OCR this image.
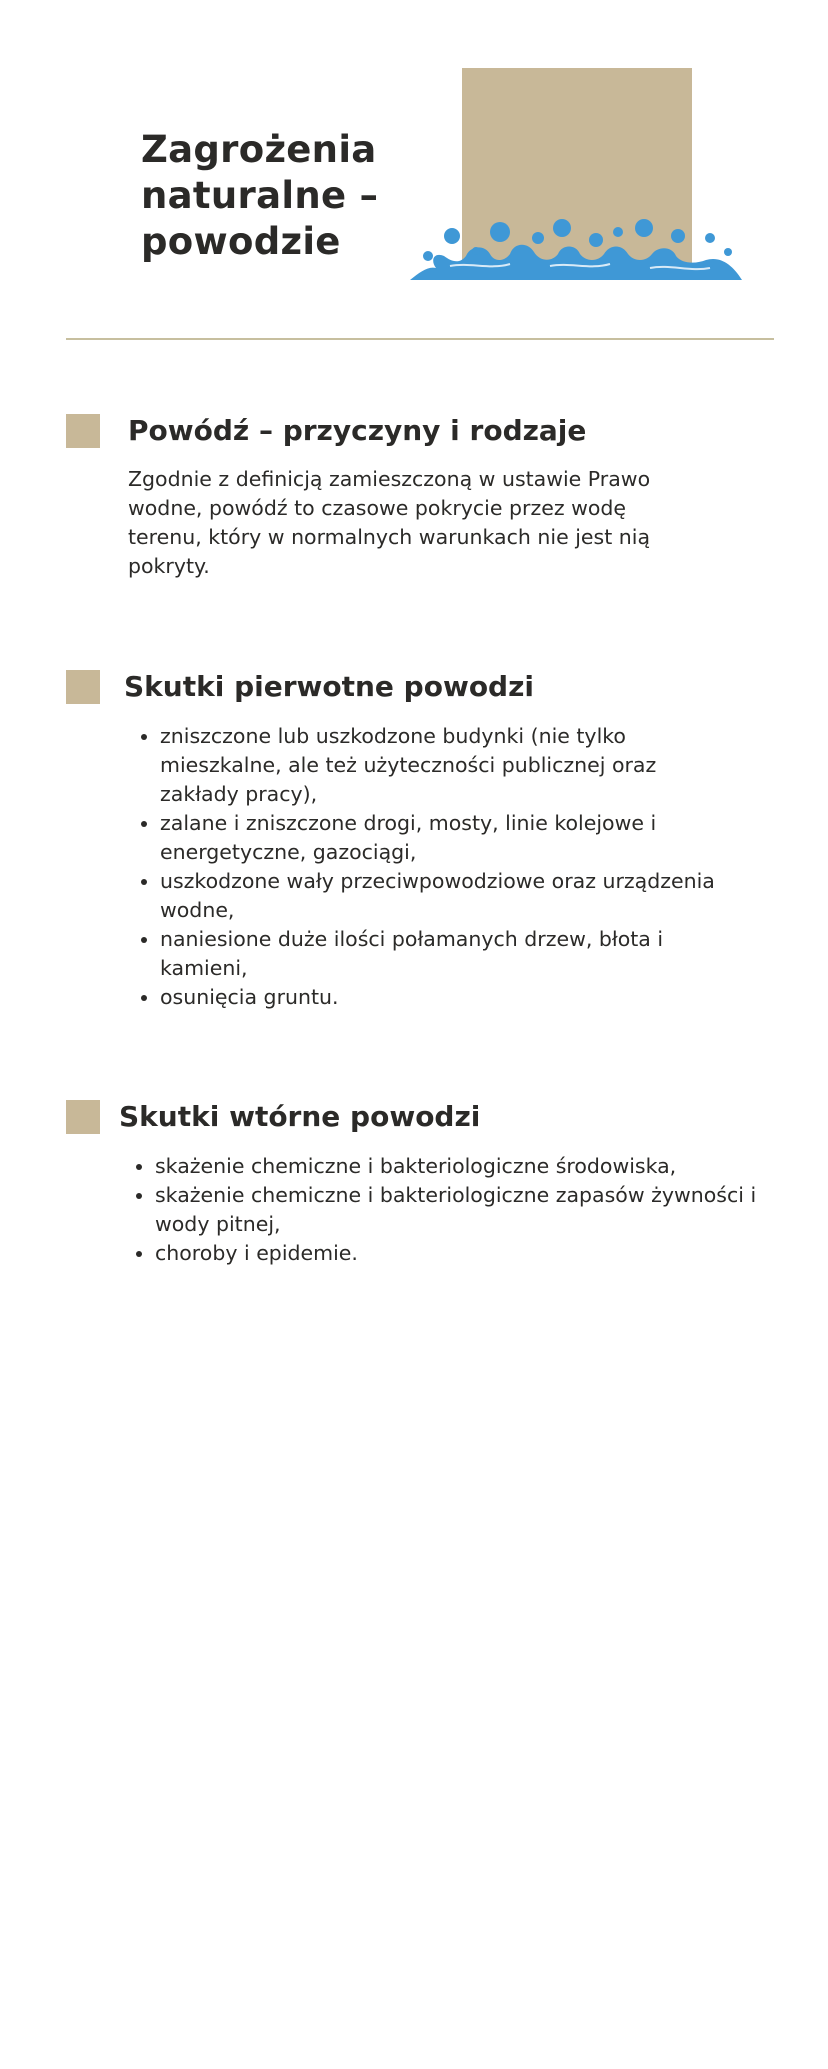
Zagrożenia naturalne – powodzie
Powódź – przyczyny i rodzaje

Zgodnie z definicją zamieszczoną w ustawie Prawo wodne, powódź to czasowe pokrycie przez wodę terenu, który w normalnych warunkach nie jest nią pokryty.

Skutki pierwotne powodzi
• zniszczone lub uszkodzone budynki (nie tylko mieszkalne, ale też użyteczności publicznej oraz zakłady pracy),
• zalane i zniszczone drogi, mosty, linie kolejowe i energetyczne, gazociągi,
• uszkodzone wały przeciwpowodziowe oraz urządzenia wodne,
• naniesione duże ilości połamanych drzew, błota i kamieni,
• osunięcia gruntu.
Skutki wtórne powodzi
• skażenie chemiczne i bakteriologiczne środowiska,
• skażenie chemiczne i bakteriologiczne zapasów żywności i wody pitnej,
• choroby i epidemie.
